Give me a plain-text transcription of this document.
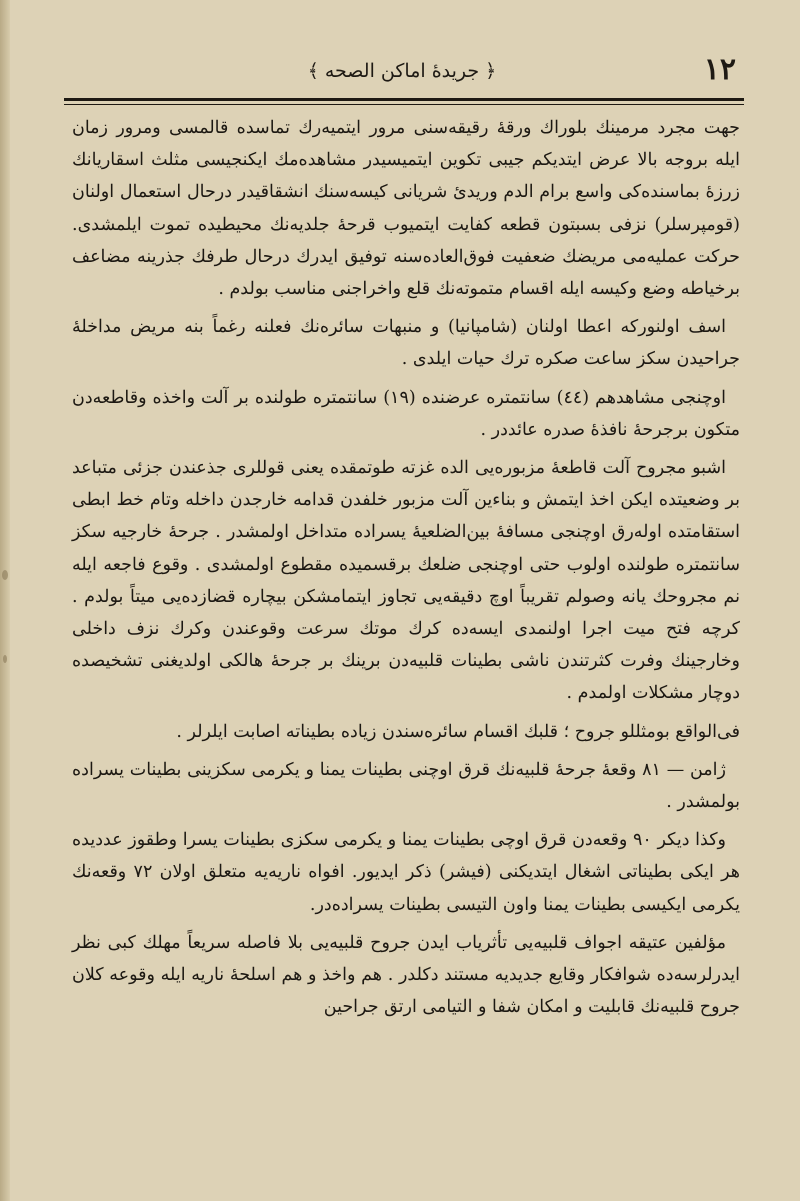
١٢
﴿ جريدهٔ اماكن الصحه ﴾

جهت مجرد مرمينك بلوراك ورقهٔ رقيقه‌سنى مرور ايتميه‌رك تماسده قالمسى ومرور زمان ايله بروجه بالا عرض ايتديكم جيبى تكوين ايتميسيدر مشاهده‌مك ايكنجيسى مثلث اسقاريانك زرزهٔ بماسنده‌كى واسع برام الدم وريدئ شريانى كيسه‌سنك انشقاقيدر درحال استعمال اولنان (قومپرسلر) نزفى بسبتون قطعه كفايت ايتميوب قرحهٔ جلديه‌نك محيطيده تموت ايلمشدى. حركت عمليه‌مى مريضك ضعفيت فوق‌العاده‌سنه توفيق ايدرك درحال طرفك جذرينه مضاعف برخياطه وضع وكيسه ايله اقسام متموته‌نك قلع واخراجنى مناسب بولدم .

اسف اولنوركه اعطا اولنان (شامپانيا) و منبهات سائره‌نك فعلنه رغماً بنه مريض مداخلهٔ جراحيدن سكز ساعت صكره ترك حيات ايلدى .

اوچنجى مشاهدهم (٤٤) سانتمتره عرضنده (١٩) سانتمتره طولنده بر آلت واخذه وقاطعه‌دن متكون برجرحهٔ نافذهٔ صدره عائددر .

اشبو مجروح آلت قاطعهٔ مزبوره‌يى الده غزته طوتمقده يعنى قوللرى جذعندن جزئى متباعد بر وضعيتده ايكن اخذ ايتمش و بناءين آلت مزبور خلفدن قدامه خارجدن داخله وتام خط ابطى استقامتده اوله‌رق اوچنجى مسافهٔ بين‌الضلعيهٔ يسراده متداخل اولمشدر . جرحهٔ خارجيه سكز سانتمتره طولنده اولوب حتى اوچنجى ضلعك برقسميده مقطوع اولمشدى . وقوع فاجعه ايله نم مجروحك يانه وصولم تقريباً اوچ دقيقه‌يى تجاوز ايتمامشكن بيچاره قضازده‌يى ميتاً بولدم . كرچه فتح ميت اجرا اولنمدى ايسه‌ده كرك موتك سرعت وقوعندن وكرك نزف داخلى وخارجينك وفرت كثرتندن ناشى بطينات قلبيه‌دن برينك بر جرحهٔ هالكى اولديغنى تشخيصده دوچار مشكلات اولمدم .

فى‌الواقع بومثللو جروح ؛ قلبك اقسام سائره‌سندن زياده بطيناته اصابت ايلرلر .

ژامن — ٨١ وقعهٔ جرحهٔ قلبيه‌نك قرق اوچنى بطينات يمنا و يكرمى سكزينى بطينات يسراده بولمشدر .

وكذا ديكر ٩٠ وقعه‌دن قرق اوچى بطينات يمنا و يكرمى سكزى بطينات يسرا وطقوز عدديده هر ايكى بطيناتى اشغال ايتديكنى (فيشر) ذكر ايديور. افواه ناريه‌يه متعلق اولان ٧٢ وقعه‌نك يكرمى ايكيسى بطينات يمنا واون التيسى بطينات يسراده‌در.

مؤلفين عتيقه اجواف قلبيه‌يى تأثرياب ايدن جروح قلبيه‌يى بلا فاصله سريعاً مهلك كبى نظر ايدرلرسه‌ده شوافكار وقايع جديديه مستند دكلدر . هم واخذ و هم اسلحهٔ ناريه ايله وقوعه كلان جروح قلبيه‌نك قابليت و امكان شفا و التيامى ارتق جراحين
